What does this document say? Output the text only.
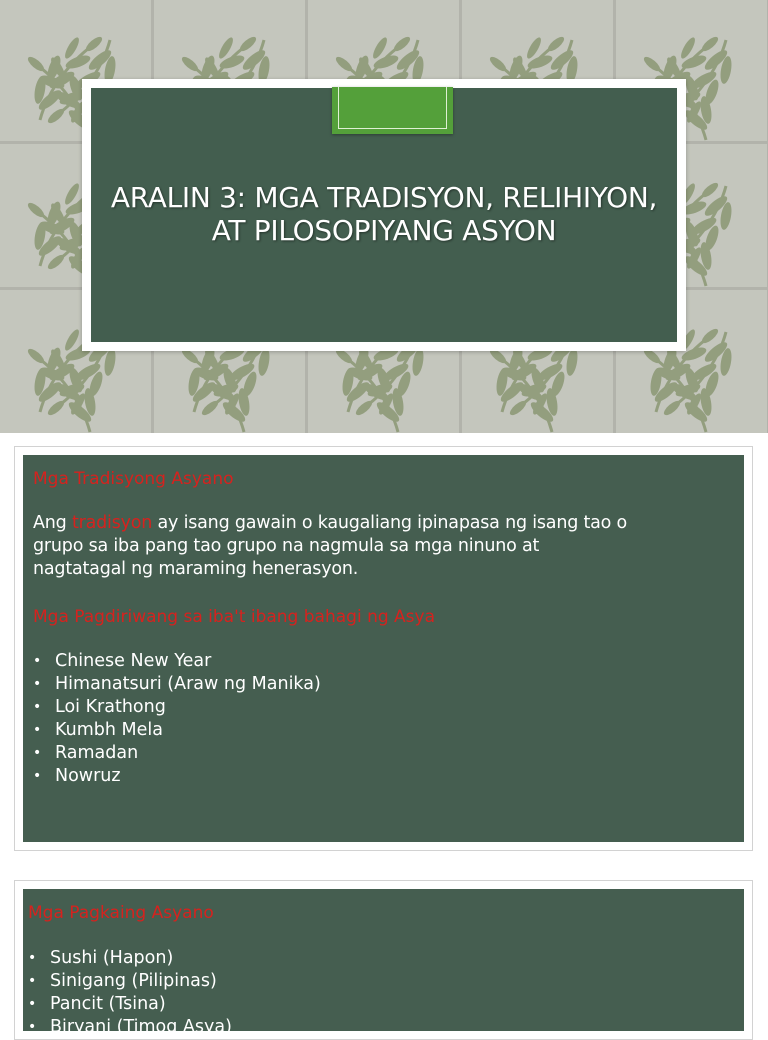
ARALIN 3: MGA TRADISYON, RELIHIYON,
AT PILOSOPIYANG ASYON
Mga Tradisyong Asyano
Ang tradisyon ay isang gawain o kaugaliang ipinapasa ng isang tao o grupo sa iba pang tao grupo na nagmula sa mga ninuno at nagtatagal ng maraming henerasyon.
Mga Pagdiriwang sa iba't ibang bahagi ng Asya
• Chinese New Year
• Himanatsuri (Araw ng Manika)
• Loi Krathong
• Kumbh Mela
• Ramadan
• Nowruz
Mga Pagkaing Asyano
• Sushi (Hapon)
• Sinigang (Pilipinas)
• Pancit (Tsina)
• Biryani (Timog Asya)
